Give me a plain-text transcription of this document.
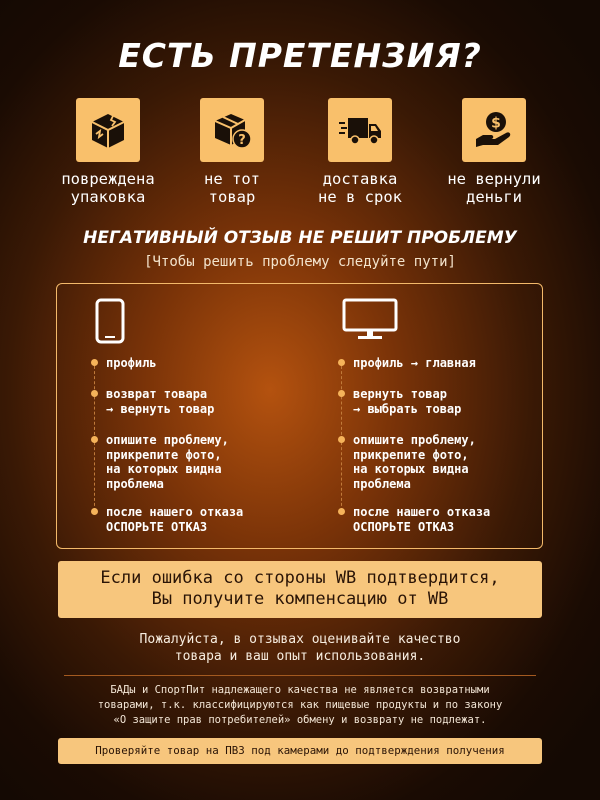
ЕСТЬ ПРЕТЕНЗИЯ?
повреждена
упаковка
?
не тот
товар
доставка
не в срок
$
не вернули
деньги
НЕГАТИВНЫЙ ОТЗЫВ НЕ РЕШИТ ПРОБЛЕМУ
[Чтобы решить проблему следуйте пути]
профиль
возврат товара
→ вернуть товар
опишите проблему,
прикрепите фото,
на которых видна
проблема
после нашего отказа
ОСПОРЬТЕ ОТКАЗ
профиль → главная
вернуть товар
→ выбрать товар
опишите проблему,
прикрепите фото,
на которых видна
проблема
после нашего отказа
ОСПОРЬТЕ ОТКАЗ
Если ошибка со стороны WB подтвердится,
Вы получите компенсацию от WB
Пожалуйста, в отзывах оценивайте качество
товара и ваш опыт использования.
БАДы и СпортПит надлежащего качества не является возвратными
товарами, т.к. классифицируются как пищевые продукты и по закону
«О защите прав потребителей» обмену и возврату не подлежат.
Проверяйте товар на ПВЗ под камерами до подтверждения получения
